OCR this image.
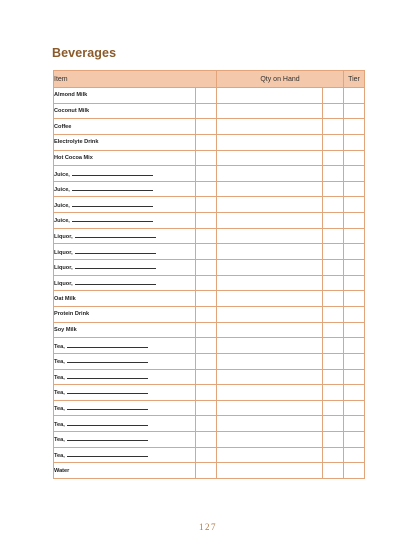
Beverages
Item		Qty on Hand		Tier
Almond Milk				
Coconut Milk				
Coffee				
Electrolyte Drink				
Hot Cocoa Mix				
Juice,				
Juice,				
Juice,				
Juice,				
Liquor,				
Liquor,				
Liquor,				
Liquor,				
Oat Milk				
Protein Drink				
Soy Milk				
Tea,				
Tea,				
Tea,				
Tea,				
Tea,				
Tea,				
Tea,				
Tea,				
Water				
127
